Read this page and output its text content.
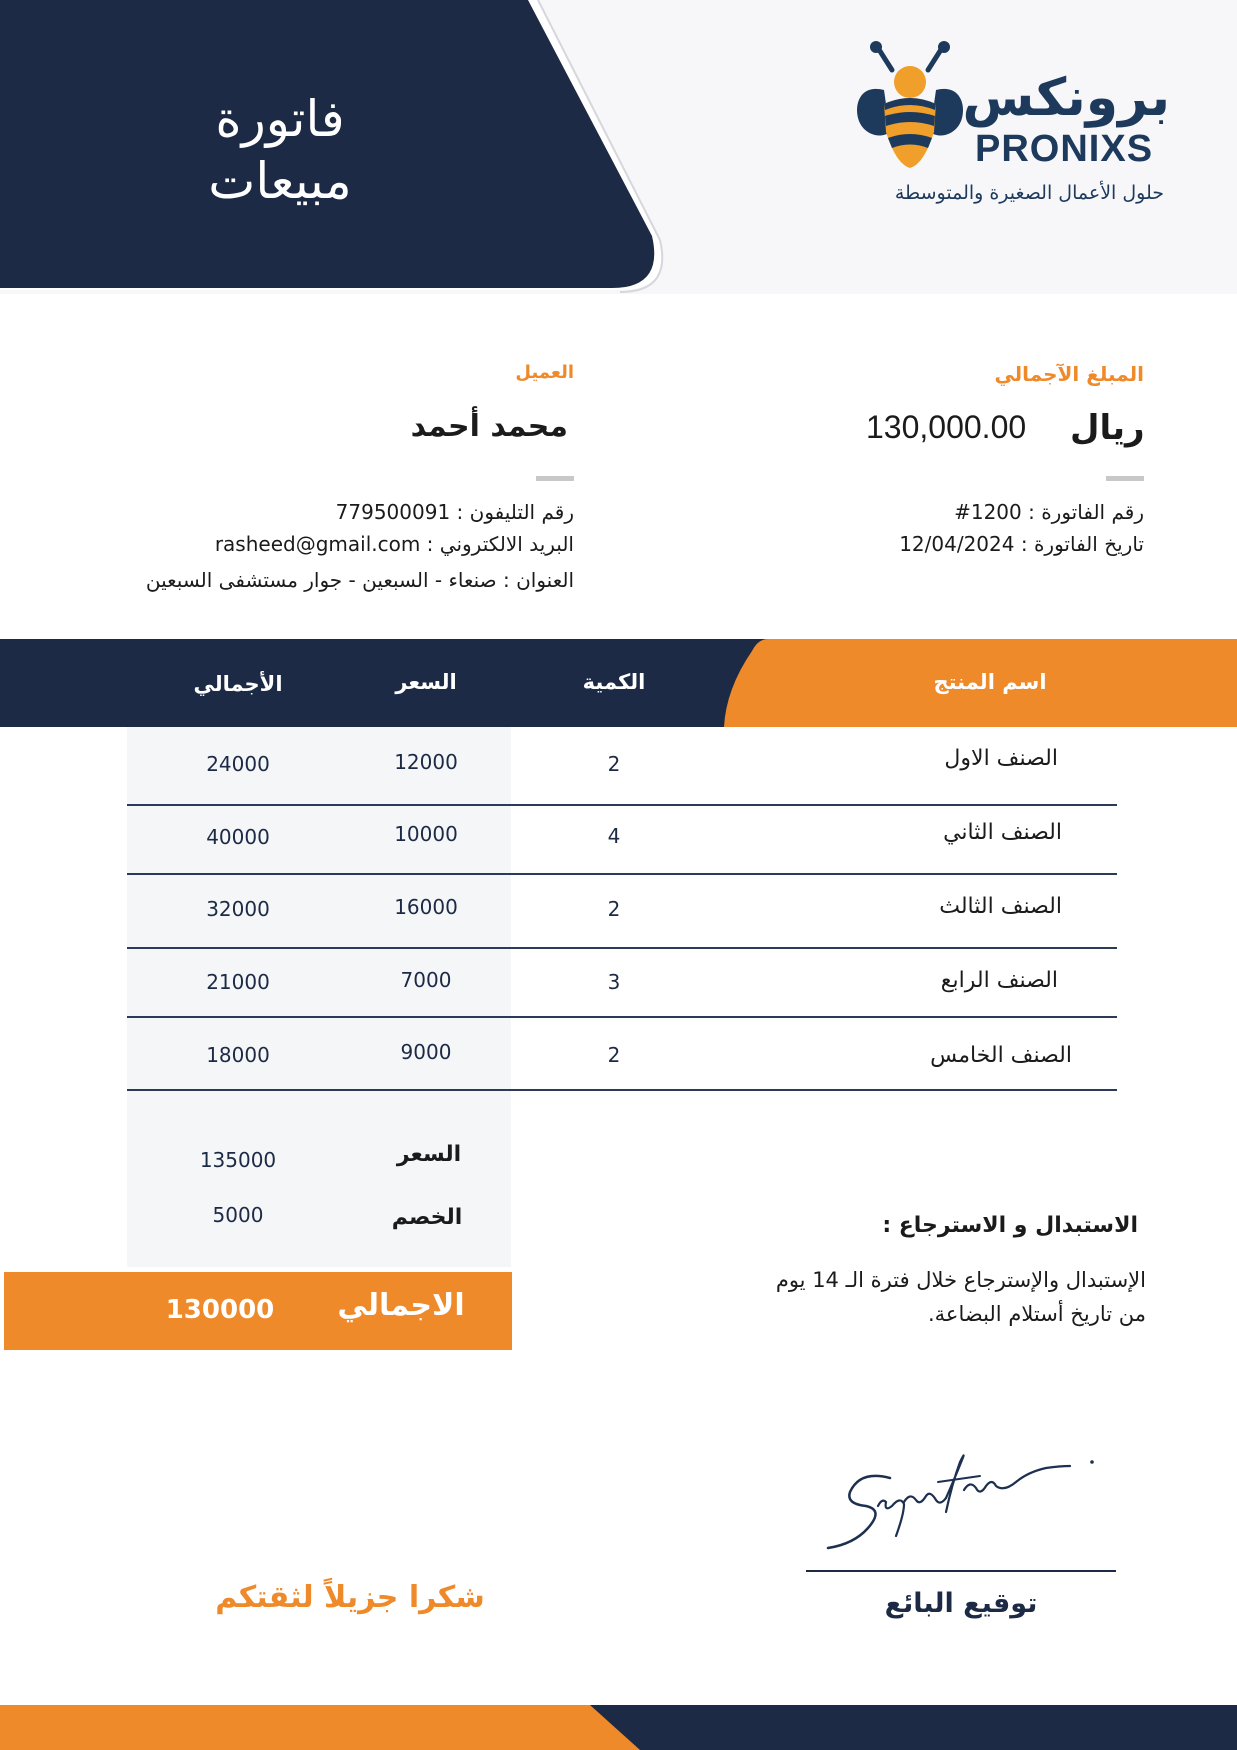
فاتورة
مبيعات
برونكس
PRONIXS
حلول الأعمال الصغيرة والمتوسطة
المبلغ الآجمالي
ريال
130,000.00
رقم الفاتورة : 1200#
تاريخ الفاتورة : 12/04/2024
العميل
محمد أحمد
رقم التليفون : 779500091
البريد الالكتروني : rasheed@gmail.com
العنوان : صنعاء - السبعين - جوار مستشفى السبعين
اسم المنتج
الكمية
السعر
الأجمالي
الصنف الاول
2
12000
24000
الصنف الثاني
4
10000
40000
الصنف الثالث
2
16000
32000
الصنف الرابع
3
7000
21000
الصنف الخامس
2
9000
18000
السعر
135000
الخصم
5000
الاجمالي
130000
الاستبدال و الاسترجاع :
الإستبدال والإسترجاع خلال فترة الـ 14 يوم
من تاريخ أستلام البضاعة.
توقيع البائع
شكرا جزيلاً لثقتكم
